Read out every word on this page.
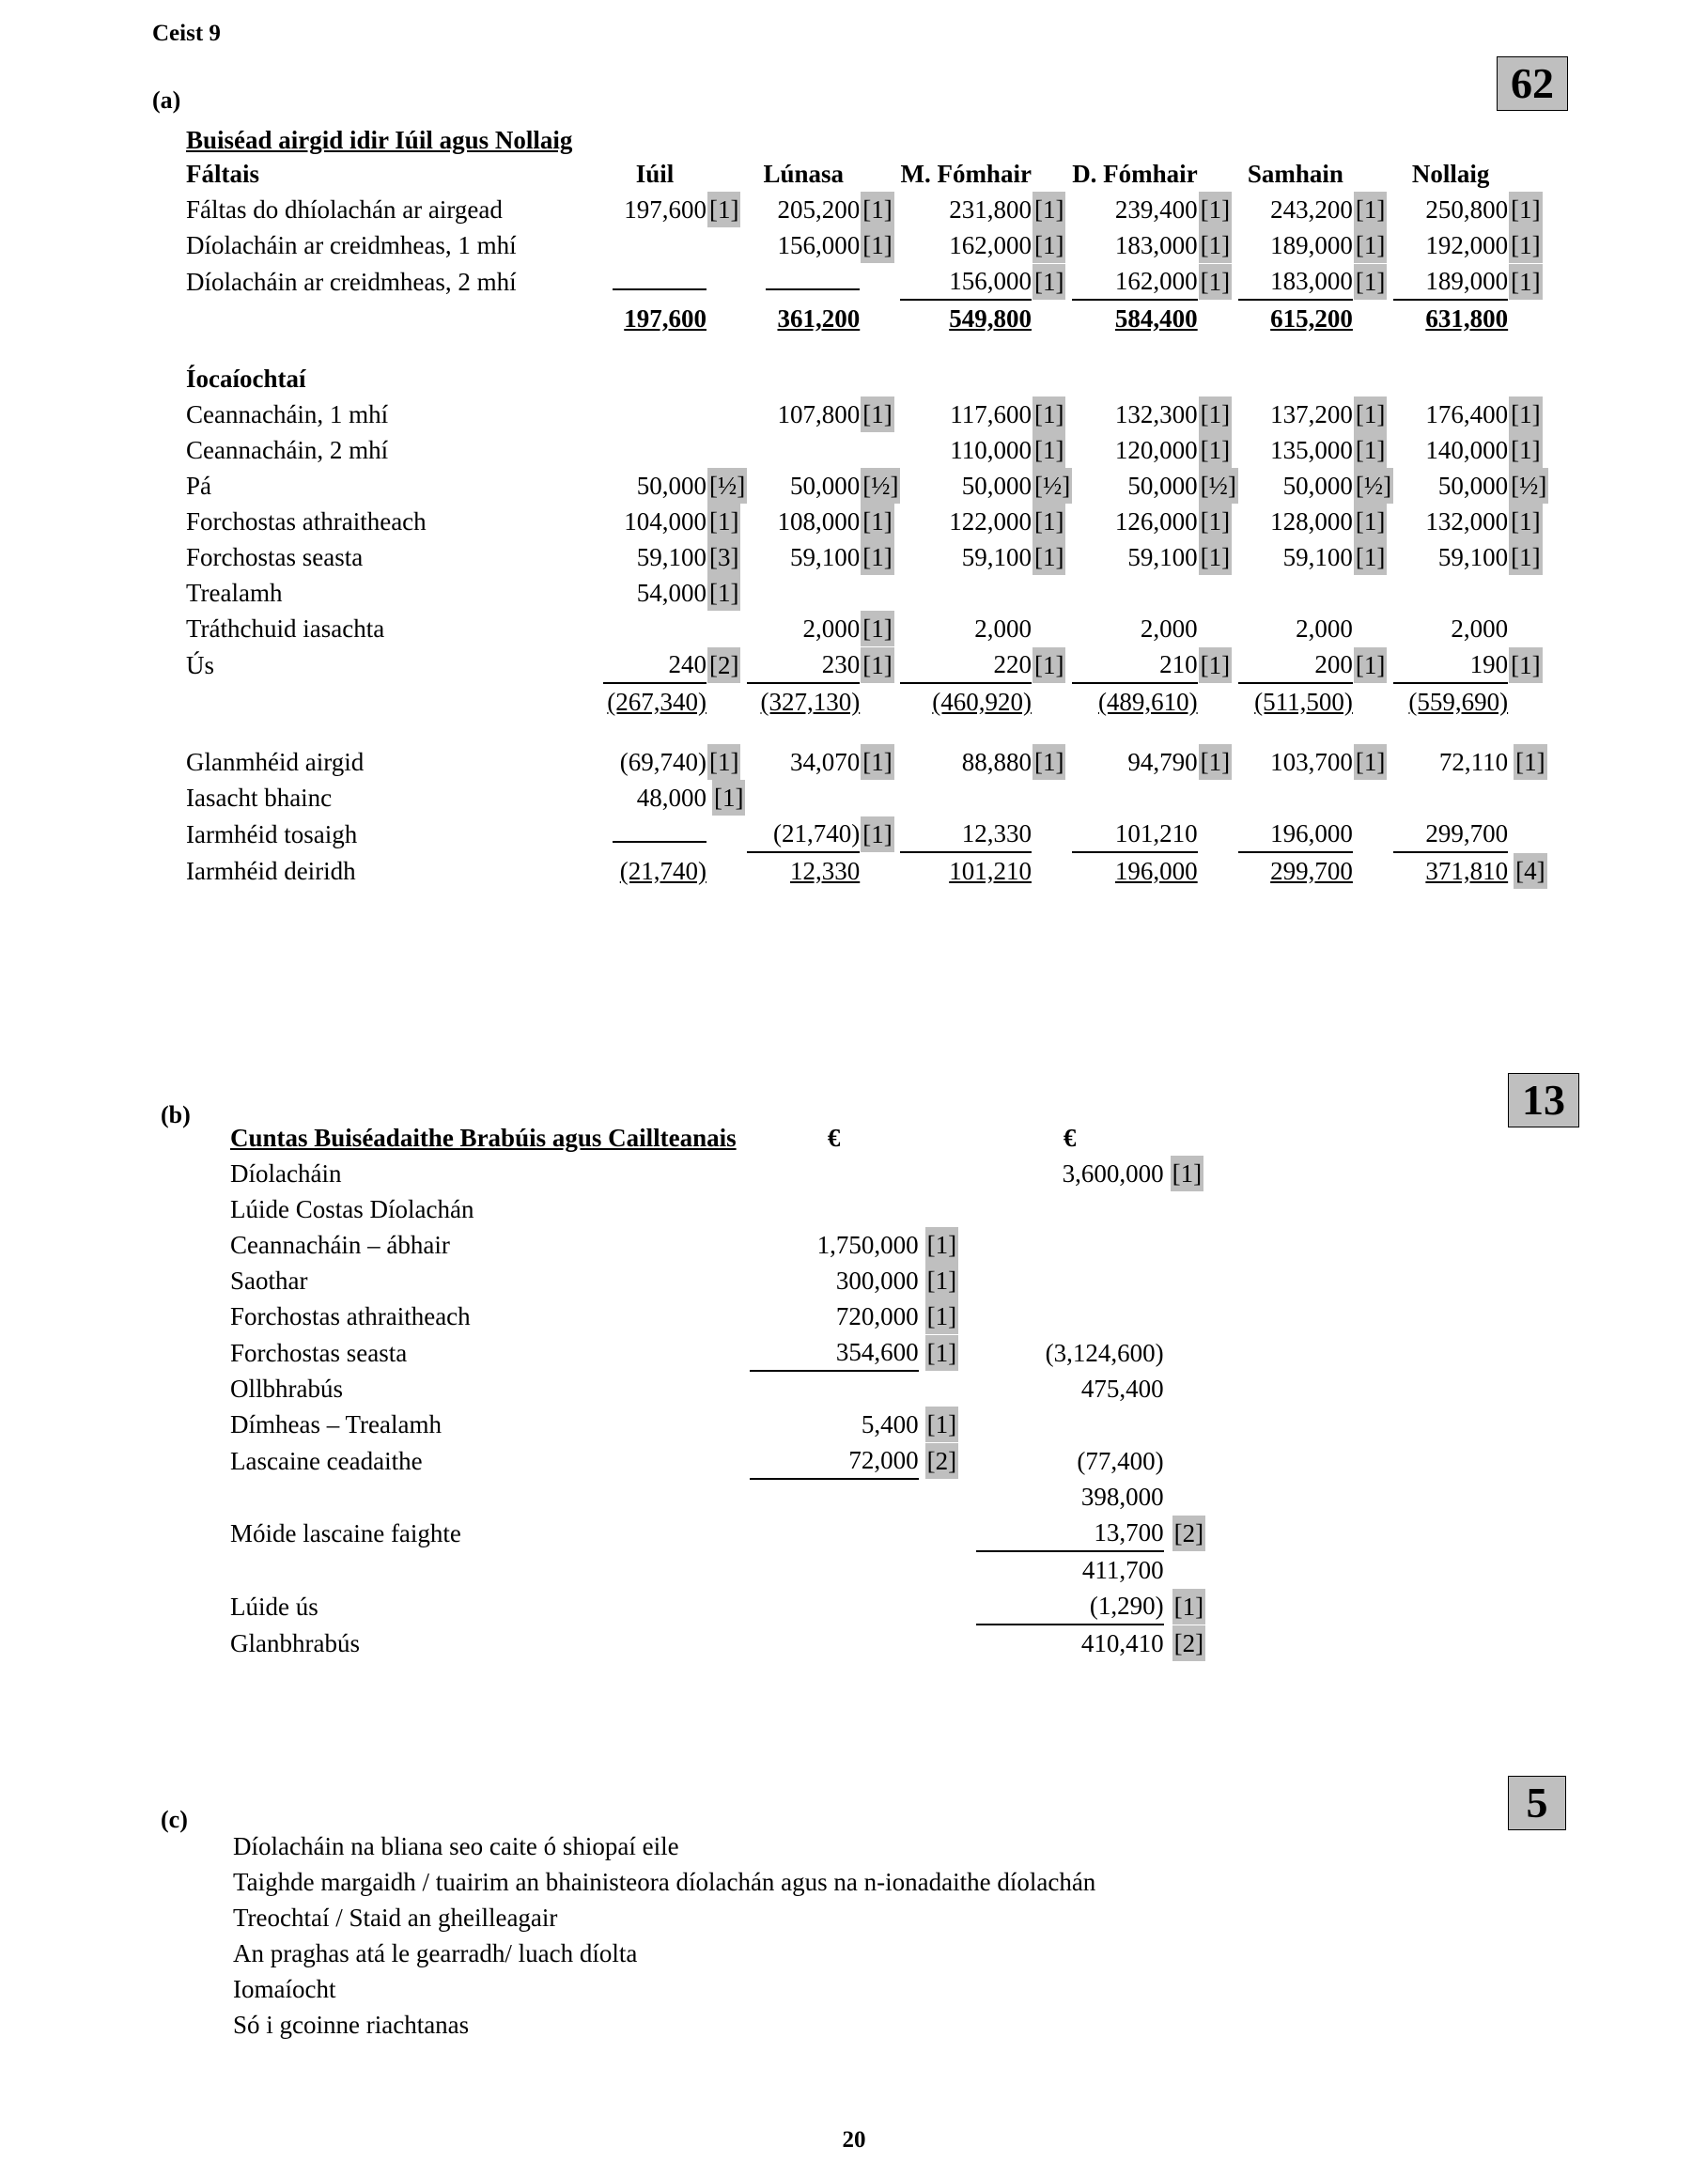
Ceist 9
(a)	62
Buiséad airgid idir Iúil agus Nollaig
Fáltais	Iúil		Lúnasa		M. Fómhair		D. Fómhair		Samhain		Nollaig	
Fáltas do dhíolachán ar airgead	197,600	[1]	205,200	[1]	231,800	[1]	239,400	[1]	243,200	[1]	250,800	[1]
Díolacháin ar creidmheas, 1 mhí			156,000	[1]	162,000	[1]	183,000	[1]	189,000	[1]	192,000	[1]
Díolacháin ar creidmheas, 2 mhí					156,000	[1]	162,000	[1]	183,000	[1]	189,000	[1]
	197,600		361,200		549,800		584,400		615,200		631,800	

Íocaíochtaí												
Ceannacháin, 1 mhí			107,800	[1]	117,600	[1]	132,300	[1]	137,200	[1]	176,400	[1]
Ceannacháin, 2 mhí					110,000	[1]	120,000	[1]	135,000	[1]	140,000	[1]
Pá	50,000	[½]	50,000	[½]	50,000	[½]	50,000	[½]	50,000	[½]	50,000	[½]
Forchostas athraitheach	104,000	[1]	108,000	[1]	122,000	[1]	126,000	[1]	128,000	[1]	132,000	[1]
Forchostas seasta	59,100	[3]	59,100	[1]	59,100	[1]	59,100	[1]	59,100	[1]	59,100	[1]
Trealamh	54,000	[1]										
Tráthchuid iasachta			2,000	[1]	2,000		2,000		2,000		2,000	
Ús	240	[2]	230	[1]	220	[1]	210	[1]	200	[1]	190	[1]
	(267,340)		(327,130)		(460,920)		(489,610)		(511,500)		(559,690)	

Glanmhéid airgid	(69,740)	[1]	34,070	[1]	88,880	[1]	94,790	[1]	103,700	[1]	72,110	[1]
Iasacht bhainc	48,000	[1]										
Iarmhéid tosaigh			(21,740)	[1]	12,330		101,210		196,000		299,700	
Iarmhéid deiridh	(21,740)		12,330		101,210		196,000		299,700		371,810	[4]
(b)	13
Cuntas Buiséadaithe Brabúis agus Caillteanais	€		€	
Díolacháin			3,600,000	[1]
Lúide Costas Díolachán				
Ceannacháin – ábhair	1,750,000	[1]		
Saothar	300,000	[1]		
Forchostas athraitheach	720,000	[1]		
Forchostas seasta	354,600	[1]	(3,124,600)	
Ollbhrabús			475,400	
Dímheas – Trealamh	5,400	[1]		
Lascaine ceadaithe	72,000	[2]	(77,400)	
			398,000	
Móide lascaine faighte			13,700	[2]
			411,700	
Lúide ús			(1,290)	[1]
Glanbhrabús			410,410	[2]
(c)	5
Díolacháin na bliana seo caite ó shiopaí eile
Taighde margaidh / tuairim an bhainisteora díolachán agus na n-ionadaithe díolachán
Treochtaí / Staid an gheilleagair
An praghas atá le gearradh/ luach díolta
Iomaíocht
Só i gcoinne riachtanas
20
